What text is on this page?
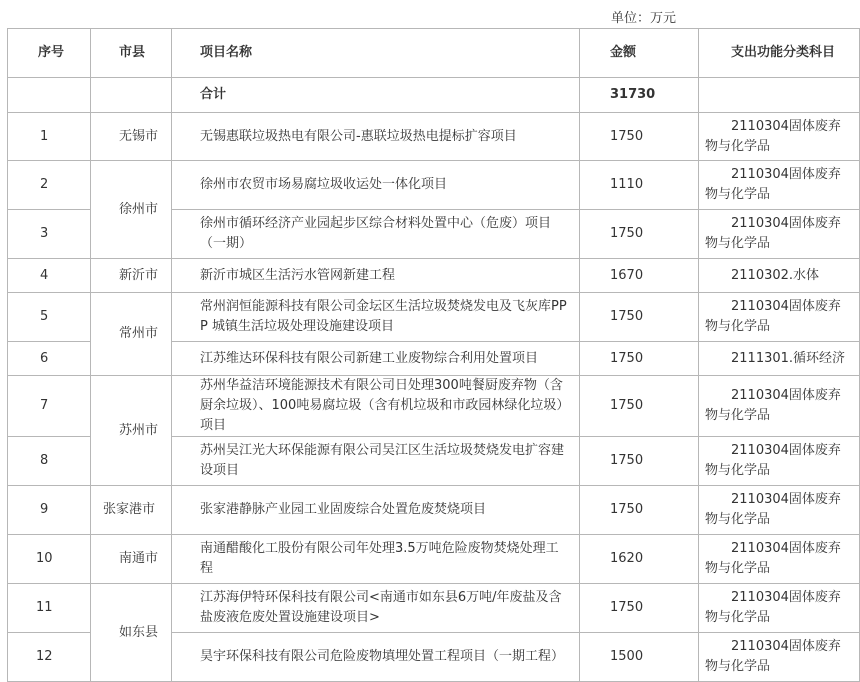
单位：万元
序号	市县	项目名称	金额	支出功能分类科目
		合计	31730	
1	无锡市	无锡惠联垃圾热电有限公司-惠联垃圾热电提标扩容项目	1750	2110304固体废弃物与化学品
2	徐州市	徐州市农贸市场易腐垃圾收运处一体化项目	1110	2110304固体废弃物与化学品
3		徐州市循环经济产业园起步区综合材料处置中心（危废）项目（一期）	1750	2110304固体废弃物与化学品
4	新沂市	新沂市城区生活污水管网新建工程	1670	2110302.水体
5	常州市	常州润恒能源科技有限公司金坛区生活垃圾焚烧发电及飞灰库PPP 城镇生活垃圾处理设施建设项目	1750	2110304固体废弃物与化学品
6		江苏维达环保科技有限公司新建工业废物综合利用处置项目	1750	2111301.循环经济
7	苏州市	苏州华益洁环境能源技术有限公司日处理300吨餐厨废弃物（含厨余垃圾）、100吨易腐垃圾（含有机垃圾和市政园林绿化垃圾）项目	1750	2110304固体废弃物与化学品
8		苏州吴江光大环保能源有限公司吴江区生活垃圾焚烧发电扩容建设项目	1750	2110304固体废弃物与化学品
9	张家港市	张家港静脉产业园工业固废综合处置危废焚烧项目	1750	2110304固体废弃物与化学品
10	南通市	南通醋酸化工股份有限公司年处理3.5万吨危险废物焚烧处理工程	1620	2110304固体废弃物与化学品
11	如东县	江苏海伊特环保科技有限公司<南通市如东县6万吨/年废盐及含盐废液危废处置设施建设项目>	1750	2110304固体废弃物与化学品
12		昊宇环保科技有限公司危险废物填埋处置工程项目（一期工程）	1500	2110304固体废弃物与化学品
